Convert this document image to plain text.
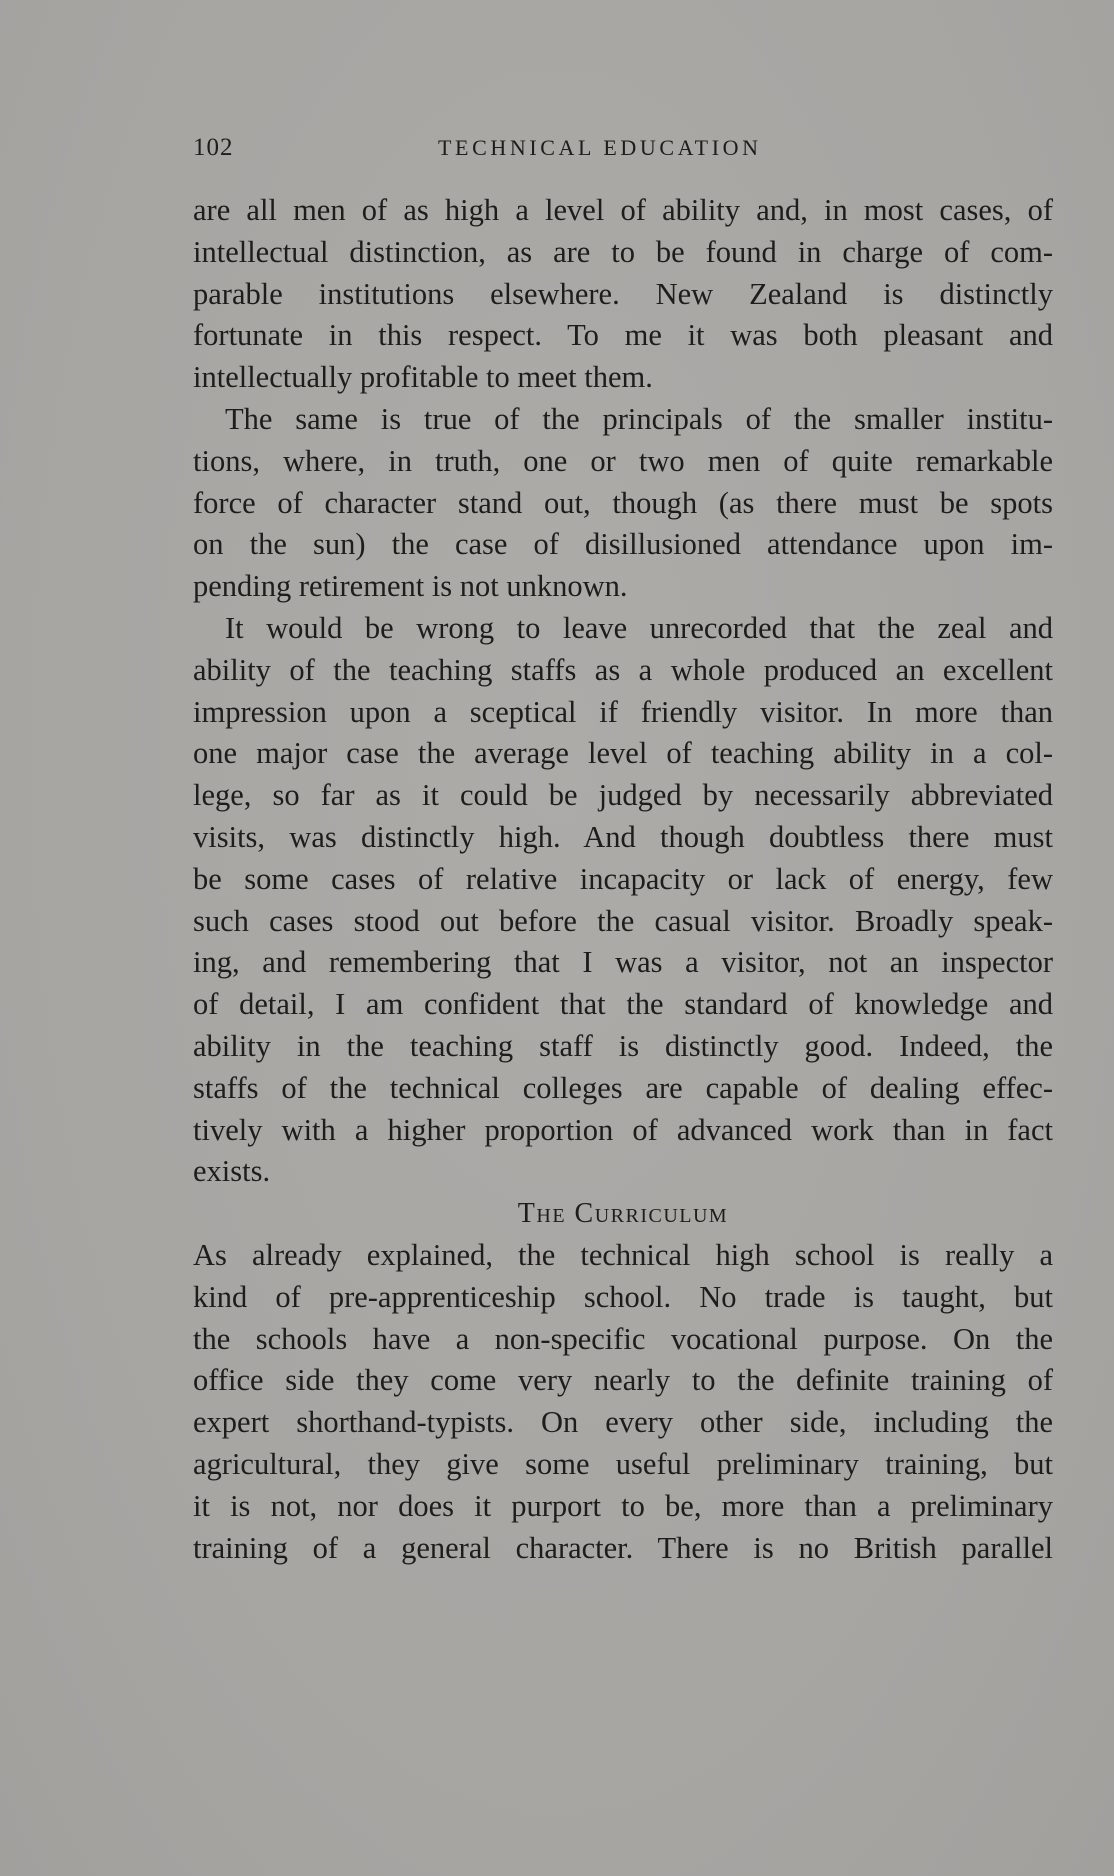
102	TECHNICAL EDUCATION
are all men of as high a level of ability and, in most cases, of
intellectual distinction, as are to be found in charge of com-
parable institutions elsewhere. New Zealand is distinctly
fortunate in this respect. To me it was both pleasant and
intellectually profitable to meet them.
The same is true of the principals of the smaller institu-
tions, where, in truth, one or two men of quite remarkable
force of character stand out, though (as there must be spots
on the sun) the case of disillusioned attendance upon im-
pending retirement is not unknown.
It would be wrong to leave unrecorded that the zeal and
ability of the teaching staffs as a whole produced an excellent
impression upon a sceptical if friendly visitor. In more than
one major case the average level of teaching ability in a col-
lege, so far as it could be judged by necessarily abbreviated
visits, was distinctly high. And though doubtless there must
be some cases of relative incapacity or lack of energy, few
such cases stood out before the casual visitor. Broadly speak-
ing, and remembering that I was a visitor, not an inspector
of detail, I am confident that the standard of knowledge and
ability in the teaching staff is distinctly good. Indeed, the
staffs of the technical colleges are capable of dealing effec-
tively with a higher proportion of advanced work than in fact
exists.
The Curriculum
As already explained, the technical high school is really a
kind of pre-apprenticeship school. No trade is taught, but
the schools have a non-specific vocational purpose. On the
office side they come very nearly to the definite training of
expert shorthand-typists. On every other side, including the
agricultural, they give some useful preliminary training, but
it is not, nor does it purport to be, more than a preliminary
training of a general character. There is no British parallel
